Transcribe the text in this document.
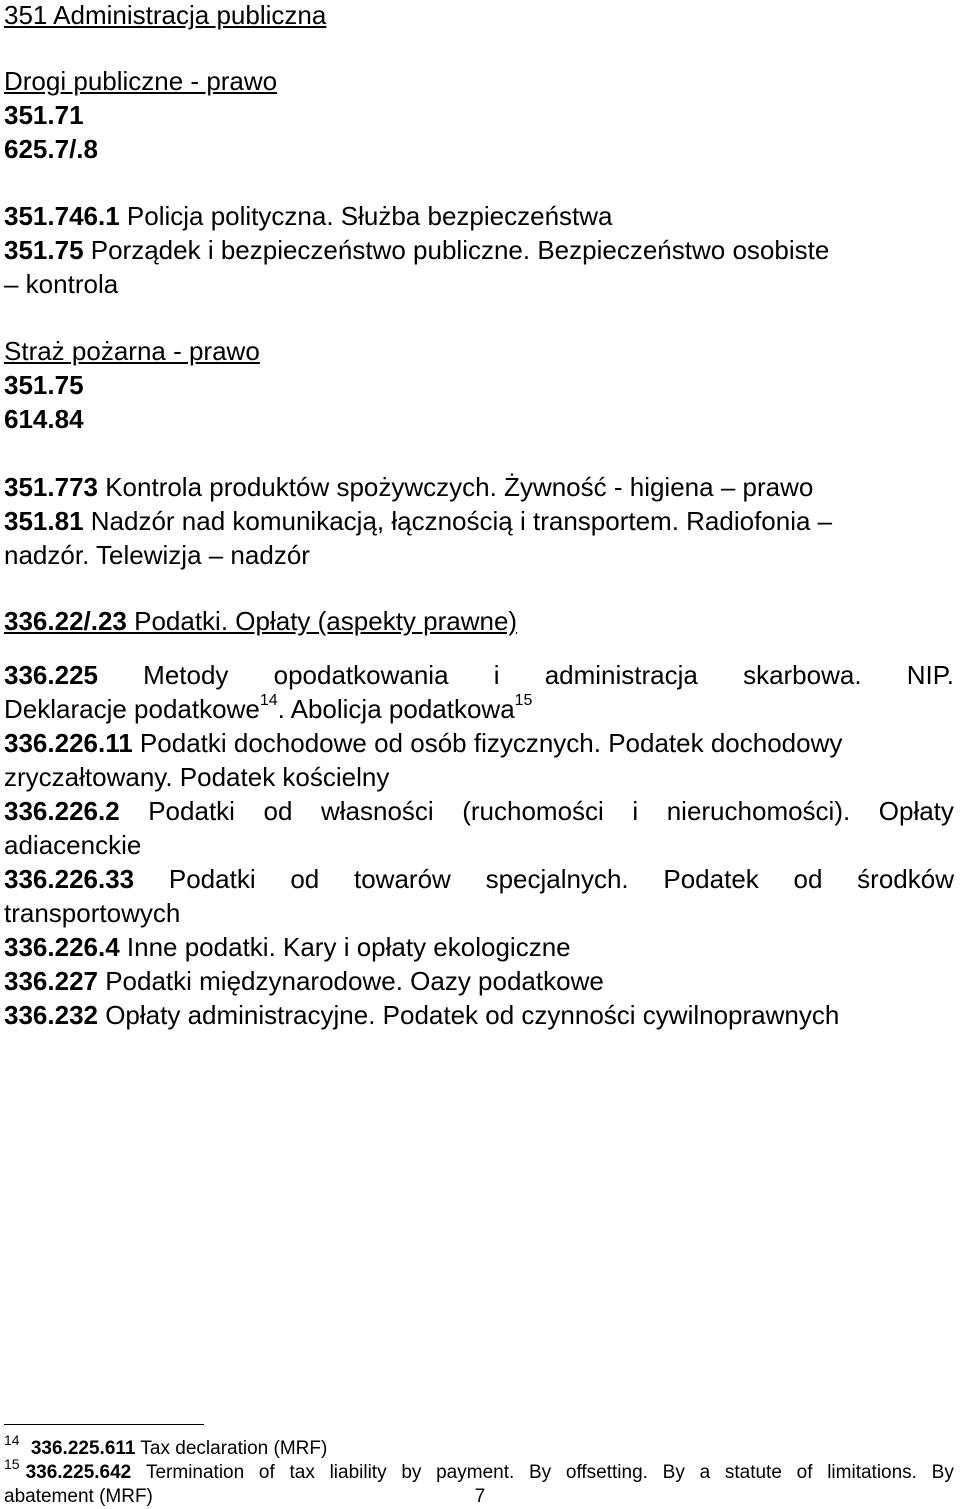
351 Administracja publiczna
Drogi publiczne - prawo
351.71
625.7/.8
351.746.1 Policja polityczna. Służba bezpieczeństwa
351.75 Porządek i bezpieczeństwo publiczne. Bezpieczeństwo osobiste
– kontrola
Straż pożarna - prawo
351.75
614.84
351.773 Kontrola produktów spożywczych. Żywność - higiena – prawo
351.81 Nadzór nad komunikacją, łącznością i transportem. Radiofonia –
nadzór. Telewizja – nadzór
336.22/.23 Podatki. Opłaty (aspekty prawne)
336.225 Metody opodatkowania i administracja skarbowa. NIP.
Deklaracje podatkowe$^{14}$. Abolicja podatkowa$^{15}$
336.226.11 Podatki dochodowe od osób fizycznych. Podatek dochodowy
zryczałtowany. Podatek kościelny
336.226.2 Podatki od własności (ruchomości i nieruchomości). Opłaty
adiacenckie
336.226.33 Podatki od towarów specjalnych. Podatek od środków
transportowych
336.226.4 Inne podatki. Kary i opłaty ekologiczne
336.227 Podatki międzynarodowe. Oazy podatkowe
336.232 Opłaty administracyjne. Podatek od czynności cywilnoprawnych
$^{14}$ 336.225.611 Tax declaration (MRF)
$^{15}$ 336.225.642 Termination of tax liability by payment. By offsetting. By a statute of limitations. By
abatement (MRF)	7
